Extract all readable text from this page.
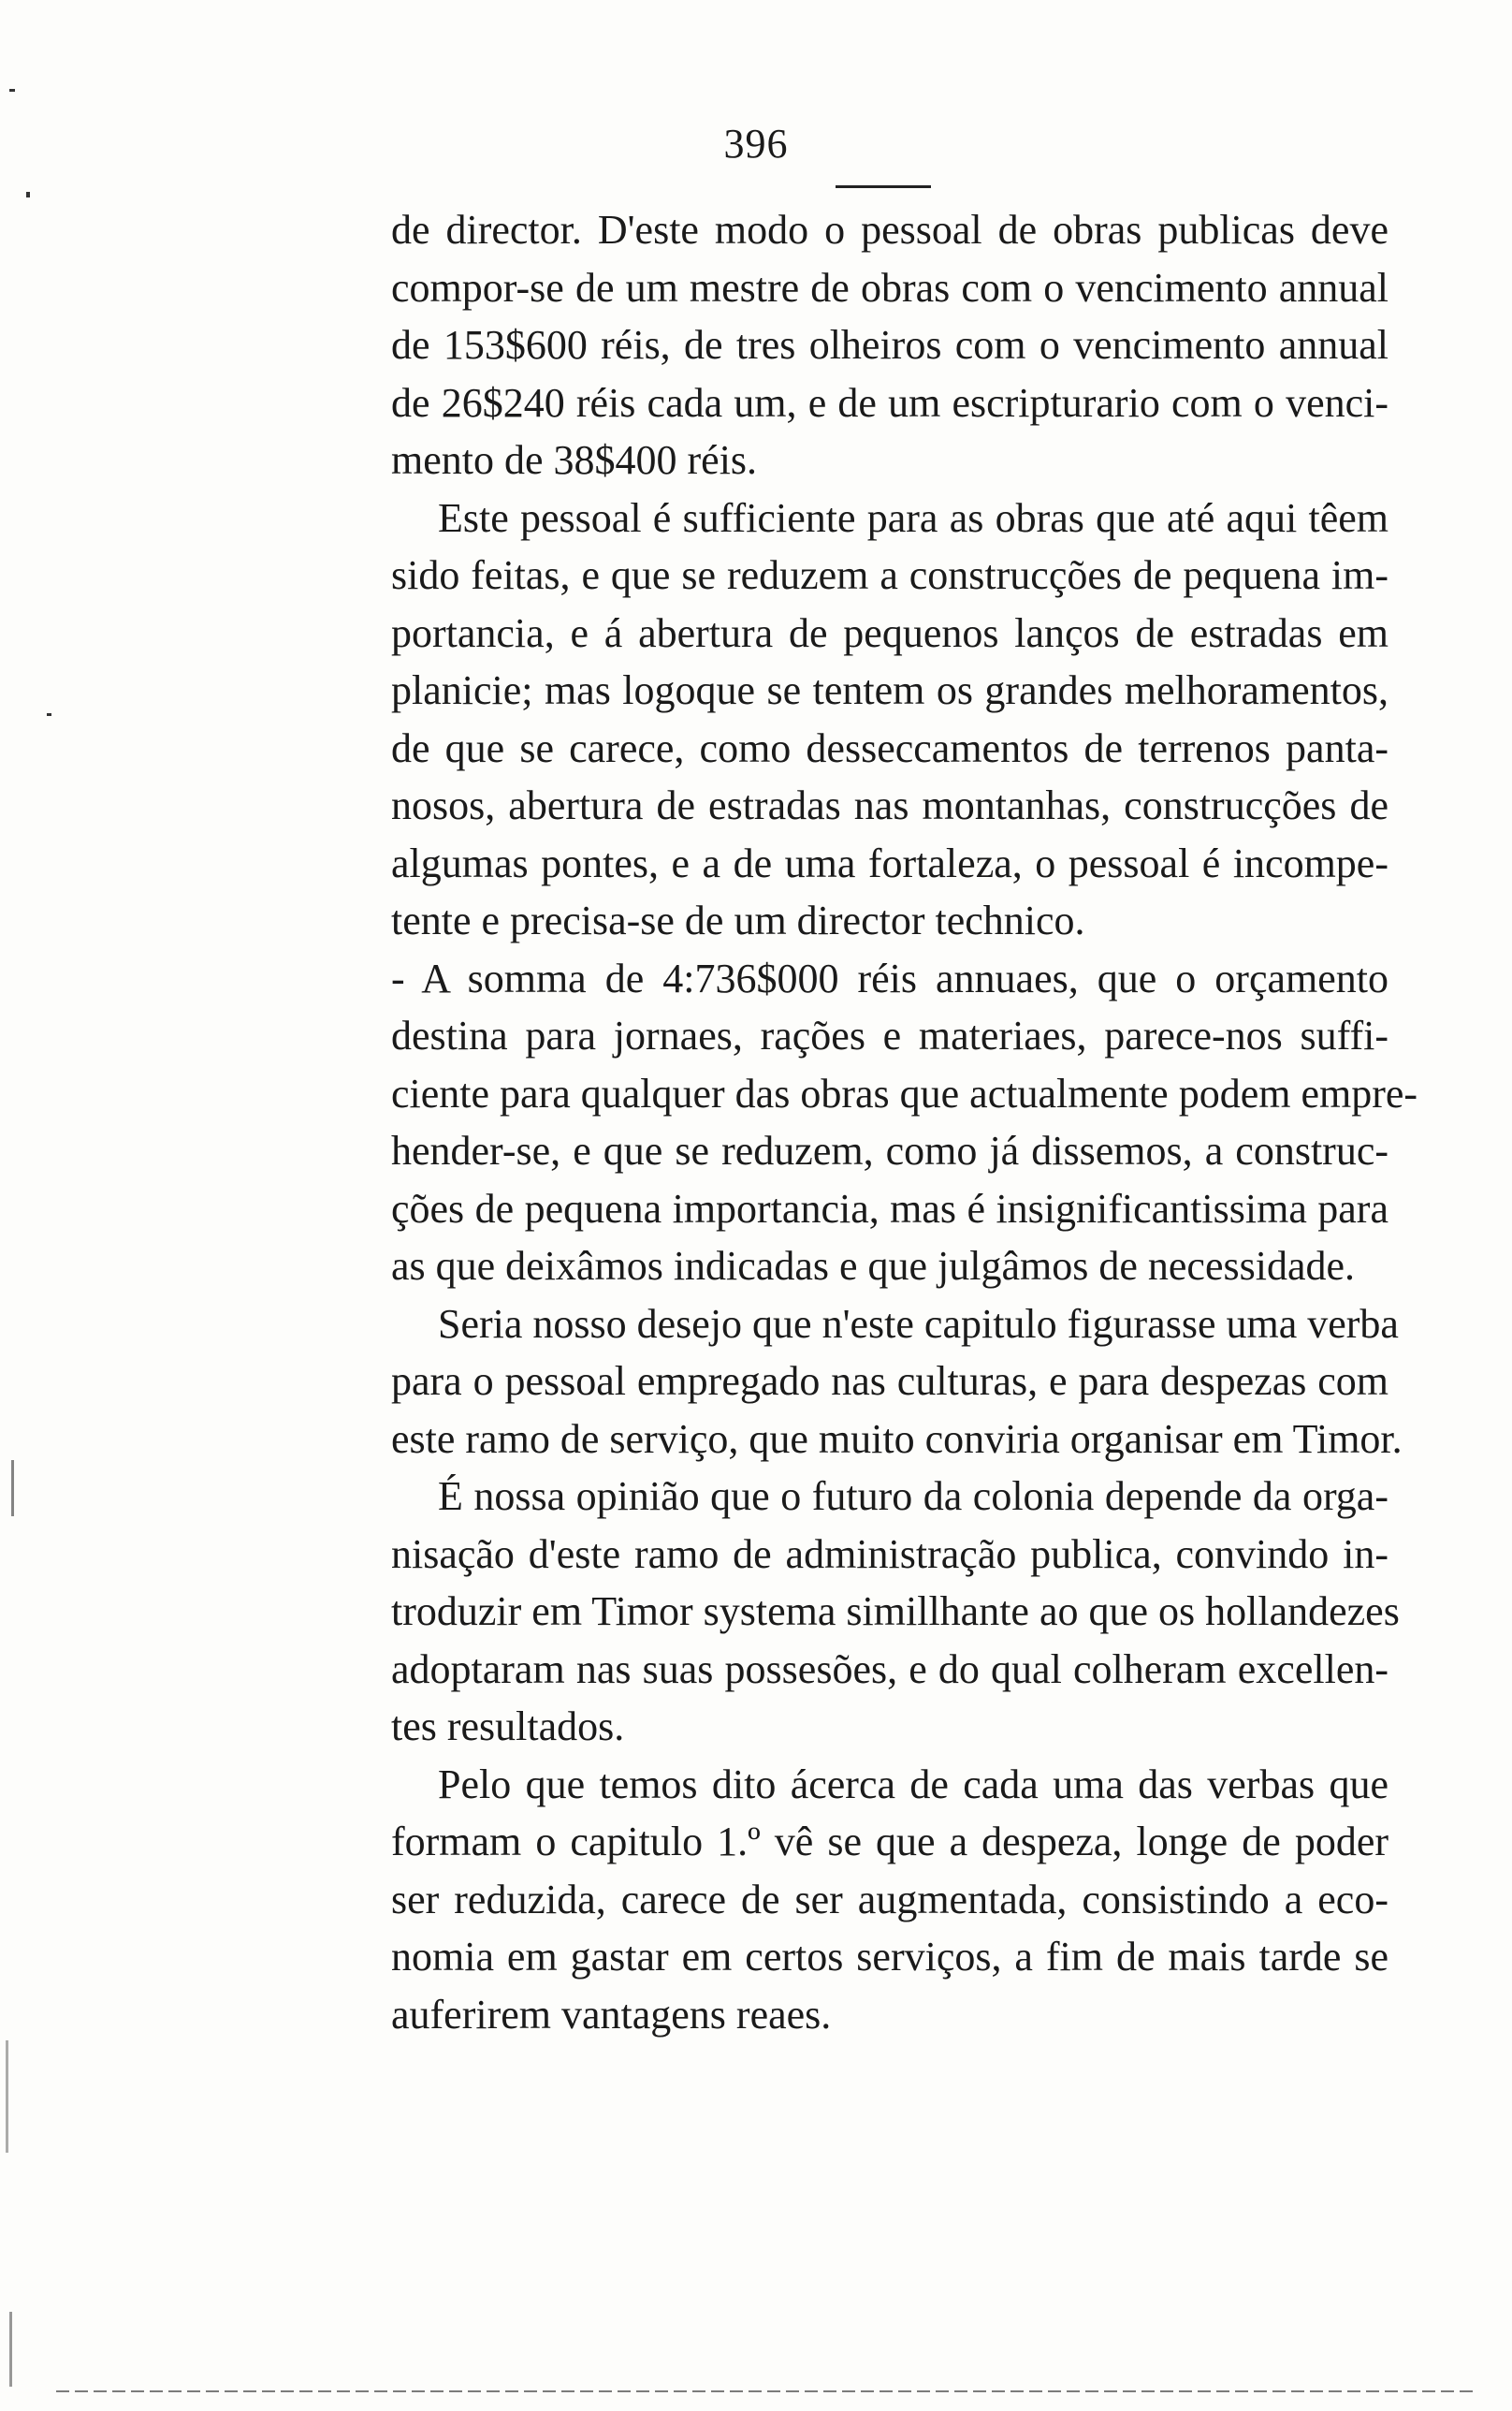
396
de director. D'este modo o pessoal de obras publicas deve
compor-se de um mestre de obras com o vencimento annual
de 153$600 réis, de tres olheiros com o vencimento annual
de 26$240 réis cada um, e de um escripturario com o venci-
mento de 38$400 réis.
Este pessoal é sufficiente para as obras que até aqui têem
sido feitas, e que se reduzem a construcções de pequena im-
portancia, e á abertura de pequenos lanços de estradas em
planicie; mas logoque se tentem os grandes melhoramentos,
de que se carece, como desseccamentos de terrenos panta-
nosos, abertura de estradas nas montanhas, construcções de
algumas pontes, e a de uma fortaleza, o pessoal é incompe-
tente e precisa-se de um director technico.
- A somma de 4:736$000 réis annuaes, que o orçamento
destina para jornaes, rações e materiaes, parece-nos suffi-
ciente para qualquer das obras que actualmente podem empre-
hender-se, e que se reduzem, como já dissemos, a construc-
ções de pequena importancia, mas é insignificantissima para
as que deixâmos indicadas e que julgâmos de necessidade.
Seria nosso desejo que n'este capitulo figurasse uma verba
para o pessoal empregado nas culturas, e para despezas com
este ramo de serviço, que muito conviria organisar em Timor.
É nossa opinião que o futuro da colonia depende da orga-
nisação d'este ramo de administração publica, convindo in-
troduzir em Timor systema simillhante ao que os hollandezes
adoptaram nas suas possesões, e do qual colheram excellen-
tes resultados.
Pelo que temos dito ácerca de cada uma das verbas que
formam o capitulo 1.º vê se que a despeza, longe de poder
ser reduzida, carece de ser augmentada, consistindo a eco-
nomia em gastar em certos serviços, a fim de mais tarde se
auferirem vantagens reaes.
